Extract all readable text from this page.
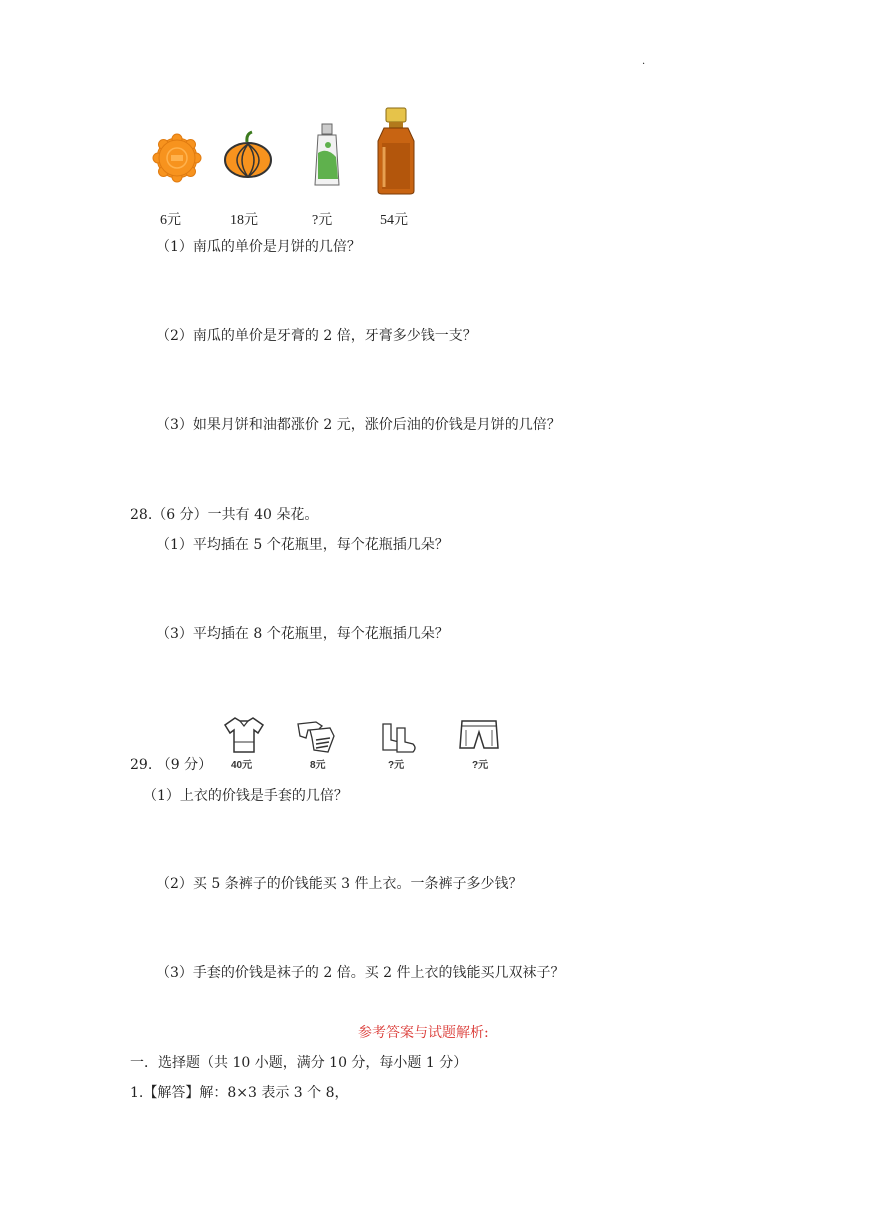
.
6元	18元	?元	54元
（1）南瓜的单价是月饼的几倍？
（2）南瓜的单价是牙膏的 2 倍，牙膏多少钱一支？
（3）如果月饼和油都涨价 2 元，涨价后油的价钱是月饼的几倍？
28.（6 分）一共有 40 朵花。
（1）平均插在 5 个花瓶里，每个花瓶插几朵？
（3）平均插在 8 个花瓶里，每个花瓶插几朵？
40元	8元	?元	?元
29. （9 分）
（1）上衣的价钱是手套的几倍？
（2）买 5 条裤子的价钱能买 3 件上衣。一条裤子多少钱？
（3）手套的价钱是袜子的 2 倍。买 2 件上衣的钱能买几双袜子？
参考答案与试题解析:
一．选择题（共 10 小题，满分 10 分，每小题 1 分）
1.【解答】解：8×3 表示 3 个 8，
